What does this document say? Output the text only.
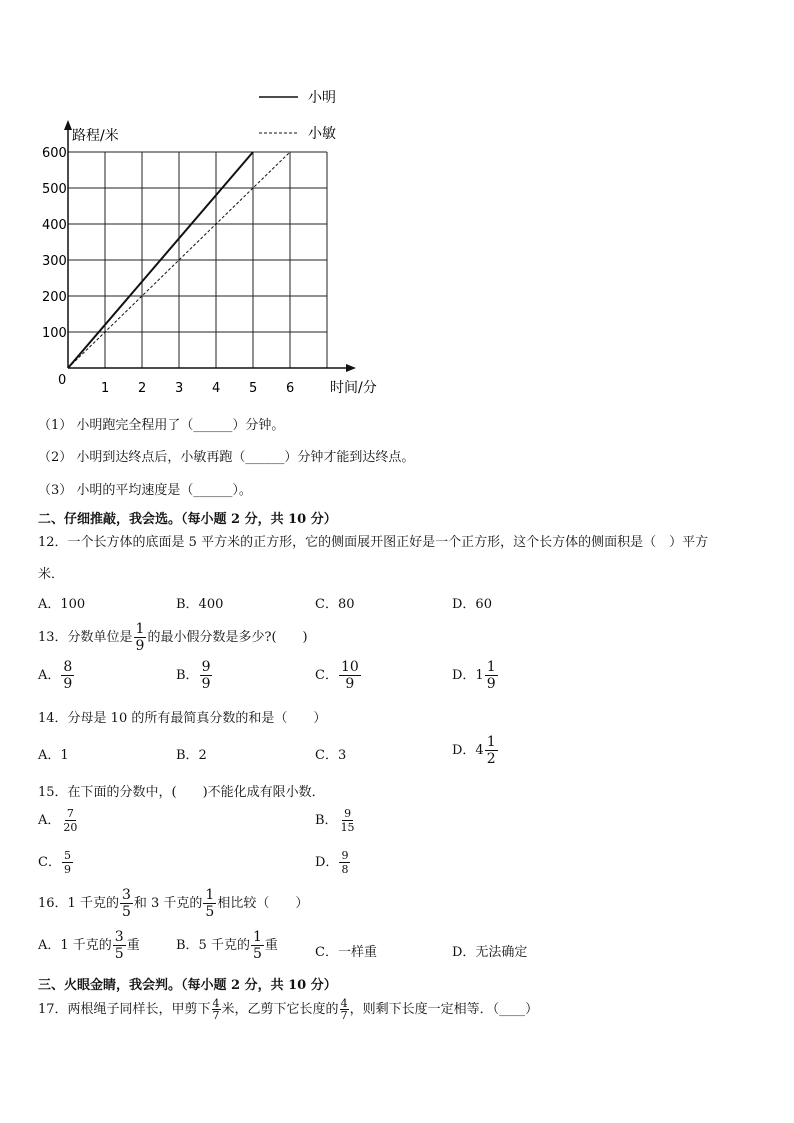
1 2 3 4 5 6
100
200
300
400
500
600
小明
小敏
路程/米
时间/分
0
（1） 小明跑完全程用了（______）分钟。
（2） 小明到达终点后，小敏再跑（______）分钟才能到达终点。
（3） 小明的平均速度是（______）。
二、仔细推敲，我会选。（每小题 2 分，共 10 分）
12．一个长方体的底面是 5 平方米的正方形，它的侧面展开图正好是一个正方形，这个长方体的侧面积是（　）平方
米．
A．100	B．400	C．80	D．60
13．分数单位是 $\frac{1}{9}$ 的最小假分数是多少?(　　)
A． $\frac{8}{9}$	B． $\frac{9}{9}$	C． $\frac{10}{9}$	D．$1 \frac{1}{9}$
14．分母是 10 的所有最简真分数的和是（　　）
A．1	B．2	C．3	D．$4 \frac{1}{2}$
15．在下面的分数中，(　　)不能化成有限小数．
A． $\frac{7}{20}$	B． $\frac{9}{15}$
C． $\frac{5}{9}$	D． $\frac{9}{8}$
16．1 千克的 $\frac{3}{5}$ 和 3 千克的 $\frac{1}{5}$ 相比较（　　）
A．1 千克的 $\frac{3}{5}$ 重	B．5 千克的 $\frac{1}{5}$ 重	C．一样重	D．无法确定
三、火眼金睛，我会判。（每小题 2 分，共 10 分）
17．两根绳子同样长，甲剪下 $\frac{4}{7}$ 米，乙剪下它长度的 $\frac{4}{7}$ ，则剩下长度一定相等．（____）
